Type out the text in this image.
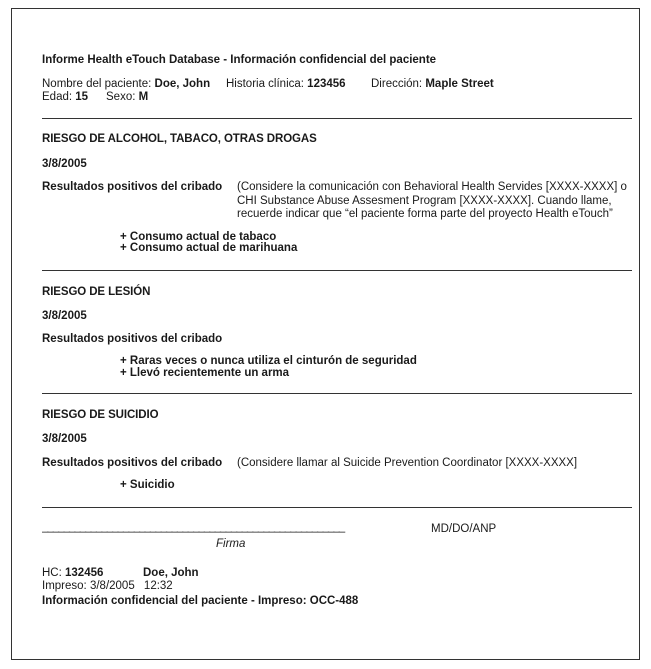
Informe Health eTouch Database - Información confidencial del paciente
Nombre del paciente: Doe, John Historia clínica: 123456 Dirección: Maple Street
Edad: 15 Sexo: M
RIESGO DE ALCOHOL, TABACO, OTRAS DROGAS
3/8/2005
Resultados positivos del cribado (Considere la comunicación con Behavioral Health Servides [XXXX-XXXX] o
CHI Substance Abuse Assesment Program [XXXX-XXXX]. Cuando llame,
recuerde indicar que “el paciente forma parte del proyecto Health eTouch”
+ Consumo actual de tabaco
+ Consumo actual de marihuana
RIESGO DE LESIÓN
3/8/2005
Resultados positivos del cribado
+ Raras veces o nunca utiliza el cinturón de seguridad
+ Llevó recientemente un arma
RIESGO DE SUICIDIO
3/8/2005
Resultados positivos del cribado (Considere llamar al Suicide Prevention Coordinator [XXXX-XXXX]
+ Suicidio
________________________________________________________	MD/DO/ANP
Firma
HC: 132456	Doe, John
Impreso: 3/8/2005 12:32
Información confidencial del paciente - Impreso: OCC-488
